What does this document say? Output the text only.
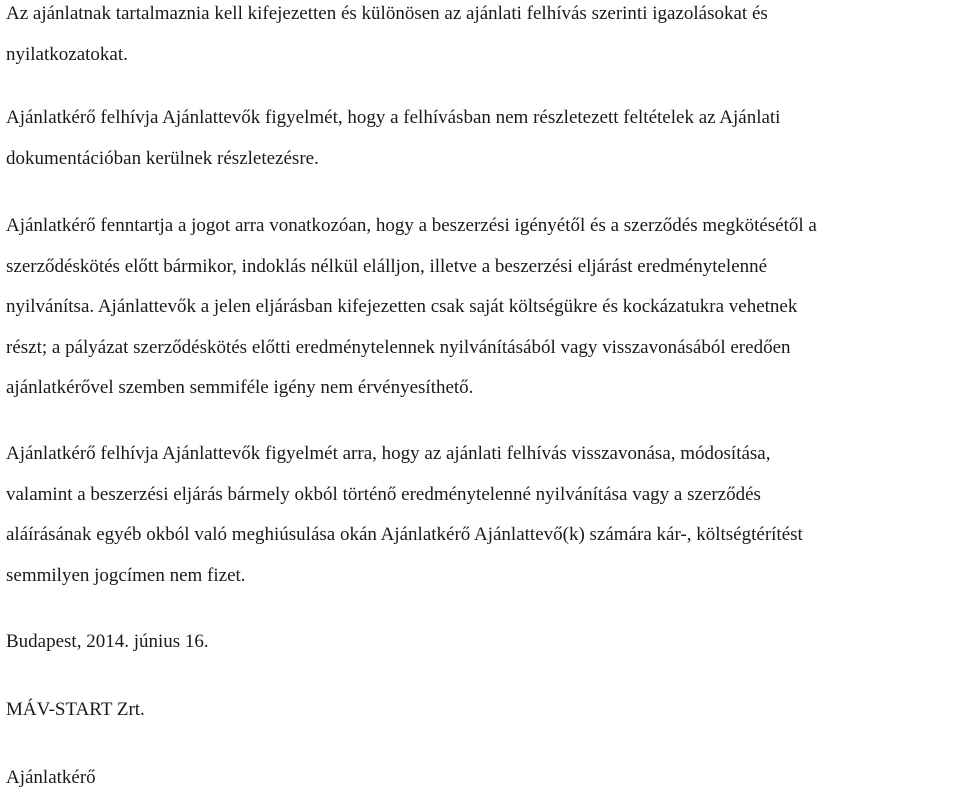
Az ajánlatnak tartalmaznia kell kifejezetten és különösen az ajánlati felhívás szerinti igazolásokat és
nyilatkozatokat.

Ajánlatkérő felhívja Ajánlattevők figyelmét, hogy a felhívásban nem részletezett feltételek az Ajánlati
dokumentációban kerülnek részletezésre.

Ajánlatkérő fenntartja a jogot arra vonatkozóan, hogy a beszerzési igényétől és a szerződés megkötésétől a
szerződéskötés előtt bármikor, indoklás nélkül elálljon, illetve a beszerzési eljárást eredménytelenné
nyilvánítsa. Ajánlattevők a jelen eljárásban kifejezetten csak saját költségükre és kockázatukra vehetnek
részt; a pályázat szerződéskötés előtti eredménytelennek nyilvánításából vagy visszavonásából eredően
ajánlatkérővel szemben semmiféle igény nem érvényesíthető.

Ajánlatkérő felhívja Ajánlattevők figyelmét arra, hogy az ajánlati felhívás visszavonása, módosítása,
valamint a beszerzési eljárás bármely okból történő eredménytelenné nyilvánítása vagy a szerződés
aláírásának egyéb okból való meghiúsulása okán Ajánlatkérő Ajánlattevő(k) számára kár-, költségtérítést
semmilyen jogcímen nem fizet.

Budapest, 2014. június 16.

MÁV-START Zrt.

Ajánlatkérő
